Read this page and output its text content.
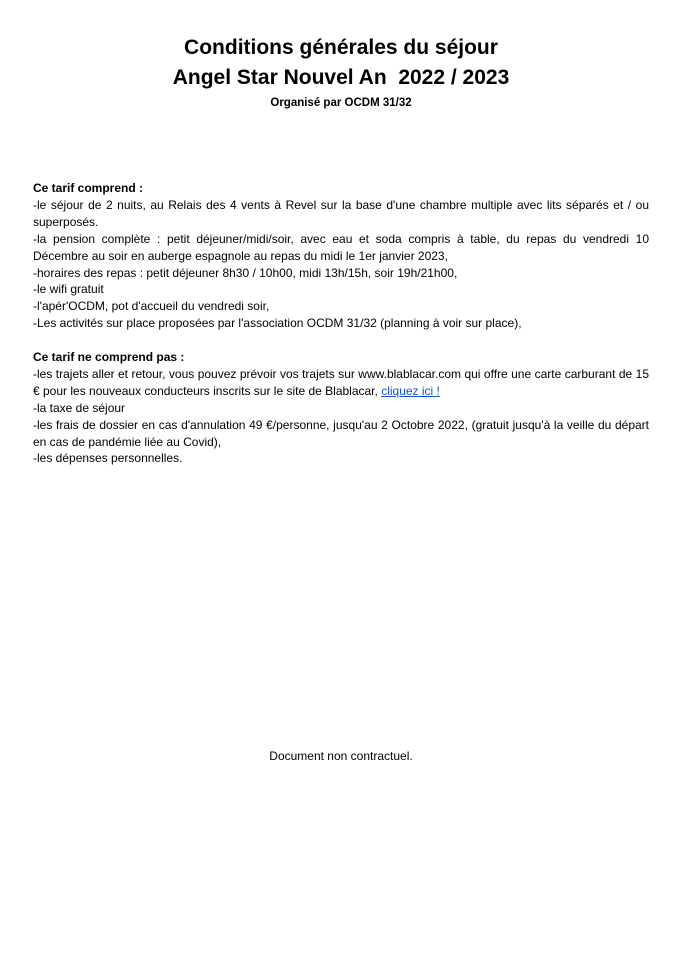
Conditions générales du séjour
Angel Star Nouvel An  2022 / 2023
Organisé par OCDM 31/32
Ce tarif comprend :
-le séjour de 2 nuits, au Relais des 4 vents à Revel sur la base d'une chambre multiple avec lits séparés et / ou superposés.
-la pension complète : petit déjeuner/midi/soir, avec eau et soda compris à table, du repas du vendredi 10 Décembre au soir en auberge espagnole au repas du midi le 1er janvier 2023,
-horaires des repas : petit déjeuner 8h30 / 10h00, midi 13h/15h, soir 19h/21h00,
-le wifi gratuit
-l'apér'OCDM, pot d'accueil du vendredi soir,
-Les activités sur place proposées par l'association OCDM 31/32 (planning à voir sur place),
Ce tarif ne comprend pas :
-les trajets aller et retour, vous pouvez prévoir vos trajets sur www.blablacar.com qui offre une carte carburant de 15 € pour les nouveaux conducteurs inscrits sur le site de Blablacar, cliquez ici !
-la taxe de séjour
-les frais de dossier en cas d'annulation 49 €/personne, jusqu'au 2 Octobre 2022, (gratuit jusqu'à la veille du départ en cas de pandémie liée au Covid),
-les dépenses personnelles.
Document non contractuel.
